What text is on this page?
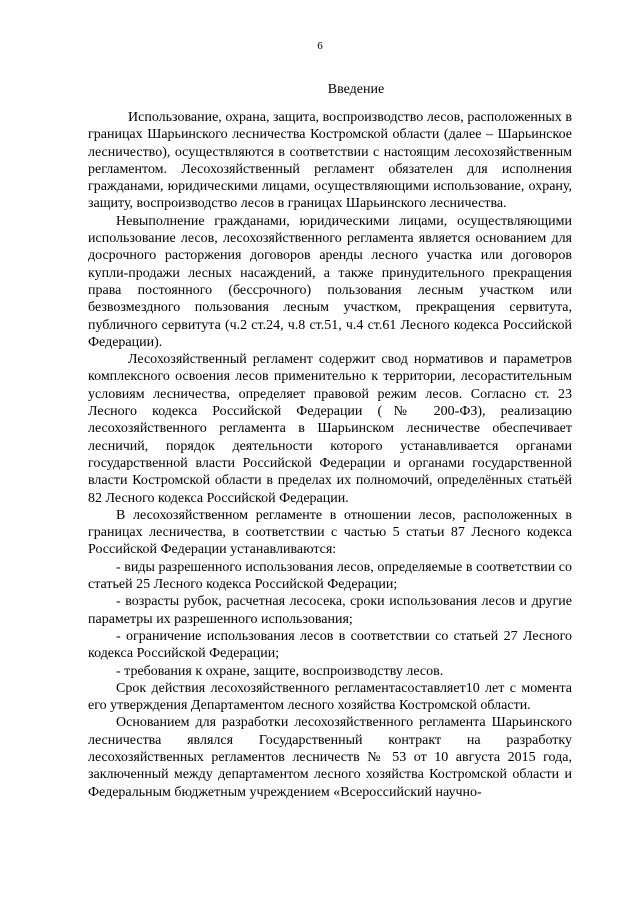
6
Введение

Использование, охрана, защита, воспроизводство лесов, расположенных в границах Шарьинского лесничества Костромской области (далее – Шарьинское лесничество), осуществляются в соответствии с настоящим лесохозяйственным регламентом. Лесохозяйственный регламент обязателен для исполнения гражданами, юридическими лицами, осуществляющими использование, охрану, защиту, воспроизводство лесов в границах Шарьинского лесничества.

Невыполнение гражданами, юридическими лицами, осуществляющими использование лесов, лесохозяйственного регламента является основанием для досрочного расторжения договоров аренды лесного участка или договоров купли-продажи лесных насаждений, а также принудительного прекращения права постоянного (бессрочного) пользования лесным участком или безвозмездного пользования лесным участком, прекращения сервитута, публичного сервитута (ч.2 ст.24, ч.8 ст.51, ч.4 ст.61 Лесного кодекса Российской Федерации).

Лесохозяйственный регламент содержит свод нормативов и параметров комплексного освоения лесов применительно к территории, лесорастительным условиям лесничества, определяет правовой режим лесов. Согласно ст. 23 Лесного кодекса Российской Федерации (№ 200-ФЗ), реализацию лесохозяйственного регламента в Шарьинском лесничестве обеспечивает лесничий, порядок деятельности которого устанавливается органами государственной власти Российской Федерации и органами государственной власти Костромской области в пределах их полномочий, определённых статьёй 82 Лесного кодекса Российской Федерации.

В лесохозяйственном регламенте в отношении лесов, расположенных в границах лесничества, в соответствии с частью 5 статьи 87 Лесного кодекса Российской Федерации устанавливаются:

- виды разрешенного использования лесов, определяемые в соответствии со статьей 25 Лесного кодекса Российской Федерации;

- возрасты рубок, расчетная лесосека, сроки использования лесов и другие параметры их разрешенного использования;

- ограничение использования лесов в соответствии со статьей 27 Лесного кодекса Российской Федерации;

- требования к охране, защите, воспроизводству лесов.

Срок действия лесохозяйственного регламентасоставляет10 лет с момента его утверждения Департаментом лесного хозяйства Костромской области.

Основанием для разработки лесохозяйственного регламента Шарьинского лесничества являлся Государственный контракт на разработку лесохозяйственных регламентов лесничеств № 53 от 10 августа 2015 года, заключенный между департаментом лесного хозяйства Костромской области и Федеральным бюджетным учреждением «Всероссийский научно-
